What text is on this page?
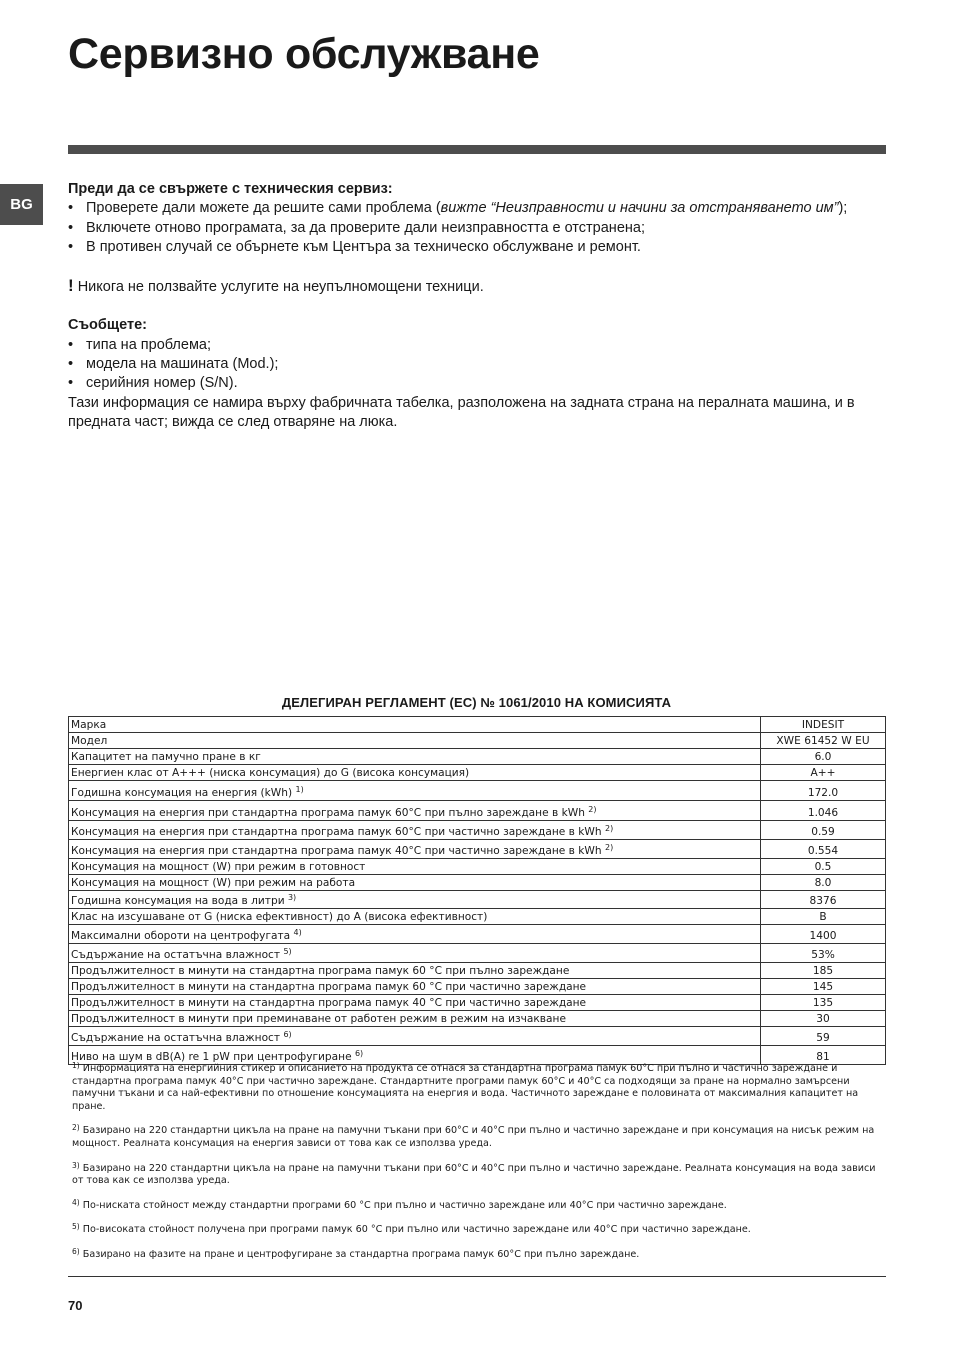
Сервизно обслужване
BG
Преди да се свържете с техническия сервиз:
• Проверете дали можете да решите сами проблема (вижте “Неизправности и начини за отстраняването им”);
• Включете отново програмата, за да проверите дали неизправността е отстранена;
• В противен случай се обърнете към Центъра за техническо обслужване и ремонт.
! Никога не ползвайте услугите на неупълномощени техници.
Съобщете:
• типа на проблема;
• модела на машината (Mod.);
• серийния номер (S/N).
Тази информация се намира върху фабричната табелка, разположена на задната страна на пералната машина, и в предната част; вижда се след отваряне на люка.
ДЕЛЕГИРАН РЕГЛАМЕНТ (ЕС) № 1061/2010 НА КОМИСИЯТА
Марка	INDESIT
Модел	XWE 61452 W EU
Капацитет на памучно пране в кг	6.0
Енергиен клас от A+++ (ниска консумация) до G (висока консумация)	A++
Годишна консумация на енергия (kWh) $^{1)}$	172.0
Консумация на енергия при стандартна програма памук 60°C при пълно зареждане в kWh $^{2)}$	1.046
Консумация на енергия при стандартна програма памук 60°C при частично зареждане в kWh $^{2)}$	0.59
Консумация на енергия при стандартна програма памук 40°C при частично зареждане в kWh $^{2)}$	0.554
Консумация на мощност (W) при режим в готовност	0.5
Консумация на мощност (W) при режим на работа	8.0
Годишна консумация на вода в литри $^{3)}$	8376
Клас на изсушаване от G (ниска ефективност) до A (висока ефективност)	B
Максимални обороти на центрофугата $^{4)}$	1400
Съдържание на остатъчна влажност $^{5)}$	53%
Продължителност в минути на стандартна програма памук 60 °C при пълно зареждане	185
Продължителност в минути на стандартна програма памук 60 °C при частично зареждане	145
Продължителност в минути на стандартна програма памук 40 °C при частично зареждане	135
Продължителност в минути при преминаване от работен режим в режим на изчакване	30
Съдържание на остатъчна влажност $^{6)}$	59
Ниво на шум в dB(A) re 1 pW при центрофугиране $^{6)}$	81
$^{1)}$ Информацията на енергийния стикер и описанието на продукта се отнася за стандартна програма памук 60°C при пълно и частично зареждане и стандартна програма памук 40°C при частично зареждане. Стандартните програми памук 60°C и 40°C са подходящи за пране на нормално замърсени памучни тъкани и са най-ефективни по отношение консумацията на енергия и вода. Частичното зареждане е половината от максималния капацитет на пране.
$^{2)}$ Базирано на 220 стандартни цикъла на пране на памучни тъкани при 60°C и 40°C при пълно и частично зареждане и при консумация на нисък режим на мощност. Реалната консумация на енергия зависи от това как се използва уреда.
$^{3)}$ Базирано на 220 стандартни цикъла на пране на памучни тъкани при 60°C и 40°C при пълно и частично зареждане. Реалната консумация на вода зависи от това как се използва уреда.
$^{4)}$ По-ниската стойност между стандартни програми 60 °C при пълно и частично зареждане или 40°C при частично зареждане.
$^{5)}$ По-високата стойност получена при програми памук 60 °C при пълно или частично зареждане или 40°C при частично зареждане.
$^{6)}$ Базирано на фазите на пране и центрофугиране за стандартна програма памук 60°C при пълно зареждане.
70
